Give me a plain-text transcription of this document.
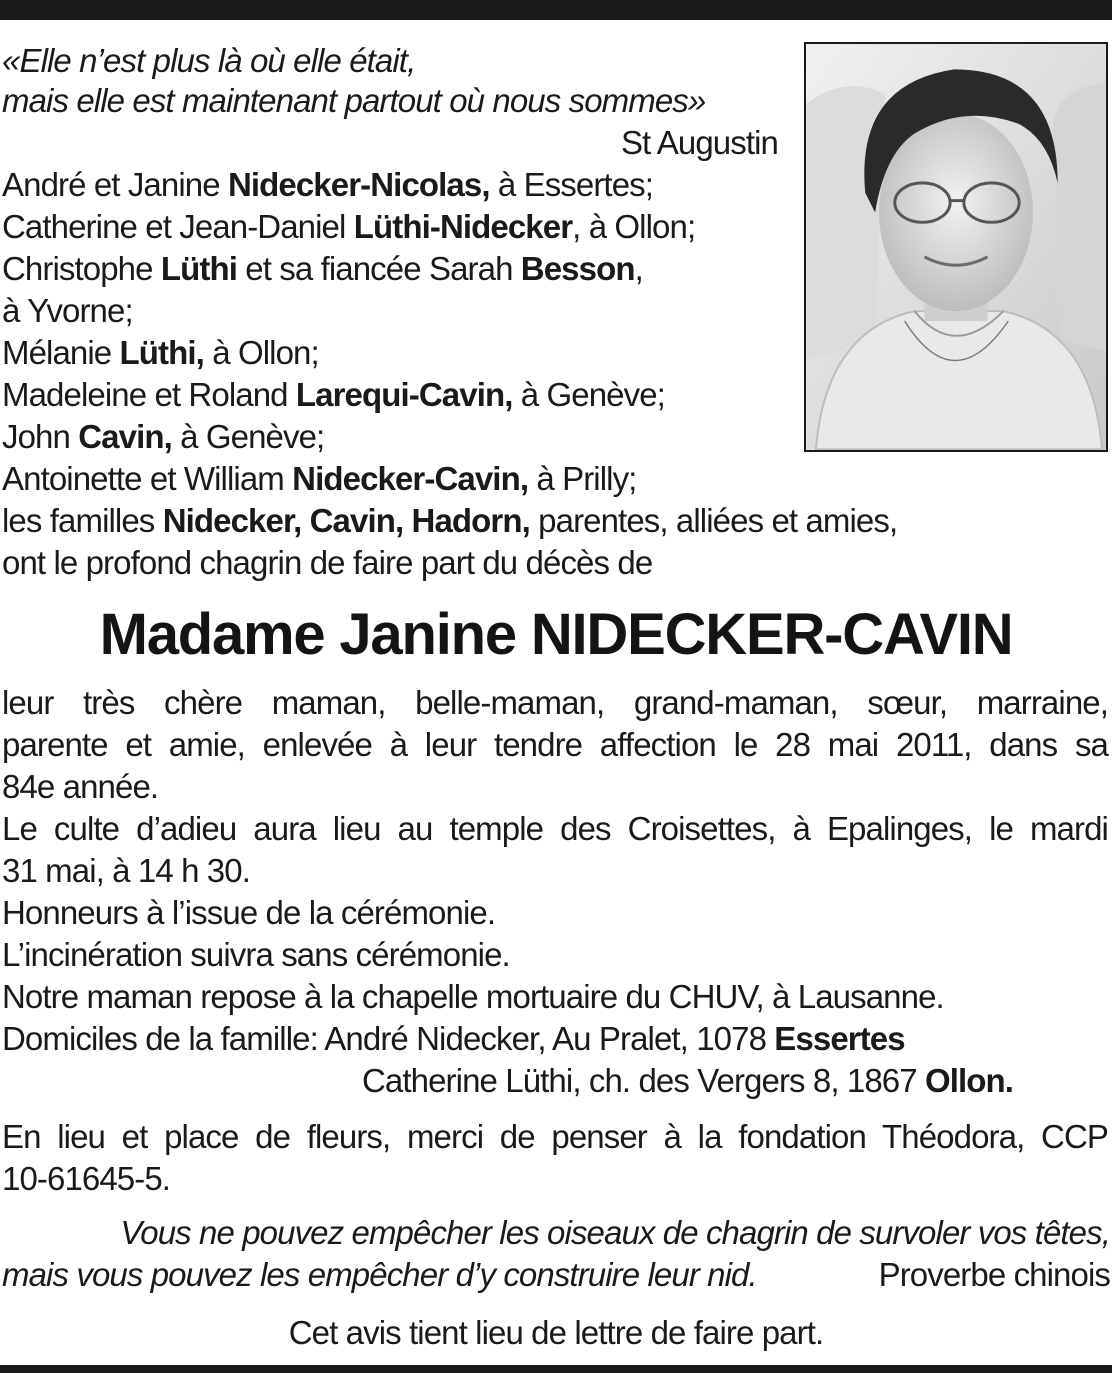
«Elle n’est plus là où elle était,
mais elle est maintenant partout où nous sommes»
St Augustin
André et Janine Nidecker-Nicolas, à Essertes;
Catherine et Jean-Daniel Lüthi-Nidecker, à Ollon;
Christophe Lüthi et sa fiancée Sarah Besson,
à Yvorne;
Mélanie Lüthi, à Ollon;
Madeleine et Roland Larequi-Cavin, à Genève;
John Cavin, à Genève;
Antoinette et William Nidecker-Cavin, à Prilly;
les familles Nidecker, Cavin, Hadorn, parentes, alliées et amies,
ont le profond chagrin de faire part du décès de
Madame Janine NIDECKER-CAVIN
leur très chère maman, belle-maman, grand-maman, sœur, marraine,
parente et amie, enlevée à leur tendre affection le 28 mai 2011, dans sa
84e année.
Le culte d’adieu aura lieu au temple des Croisettes, à Epalinges, le mardi
31 mai, à 14 h 30.
Honneurs à l’issue de la cérémonie.
L’incinération suivra sans cérémonie.
Notre maman repose à la chapelle mortuaire du CHUV, à Lausanne.
Domiciles de la famille: André Nidecker, Au Pralet, 1078 Essertes
Catherine Lüthi, ch. des Vergers 8, 1867 Ollon.
En lieu et place de fleurs, merci de penser à la fondation Théodora, CCP
10-61645-5.
Vous ne pouvez empêcher les oiseaux de chagrin de survoler vos têtes,
mais vous pouvez les empêcher d’y construire leur nid.	Proverbe chinois
Cet avis tient lieu de lettre de faire part.
